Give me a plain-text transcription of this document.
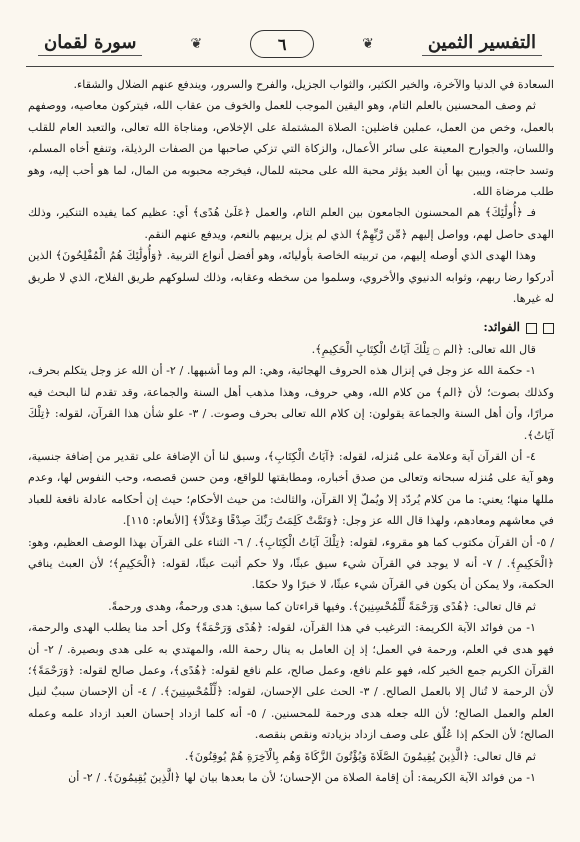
سورة لقمان	❦	٦	❦	التفسير الثمين

السعادة في الدنيا والآخرة، والخير الكثير، والثواب الجزيل، والفرح والسرور، ويندفع عنهم الضلال والشقاء.

ثم وصف المحسنين بالعلم التام، وهو اليقين الموجب للعمل والخوف من عقاب الله، فيتركون معاصيه، ووصفهم بالعمل، وخص من العمل، عملين فاضلين: الصلاة المشتملة على الإخلاص، ومناجاة الله تعالى، والتعبد العام للقلب واللسان، والجوارح المعينة على سائر الأعمال، والزكاة التي تزكي صاحبها من الصفات الرذيلة، وتنفع أخاه المسلم، وتسد حاجته، ويبين بها أن العبد يؤثر محبة الله على محبته للمال، فيخرجه محبوبه من المال، لما هو أحب إليه، وهو طلب مرضاة الله.

فـ ﴿أُولَٰئِكَ﴾ هم المحسنون الجامعون بين العلم التام، والعمل ﴿عَلَىٰ هُدًى﴾ أي: عظيم كما يفيده التنكير، وذلك الهدى حاصل لهم، وواصل إليهم ﴿مِّن رَّبِّهِمْ﴾ الذي لم يزل يربيهم بالنعم، ويدفع عنهم النقم.

وهذا الهدى الذي أوصله إليهم، من تربيته الخاصة بأوليائه، وهو أفضل أنواع التربية. ﴿وَأُولَٰئِكَ هُمُ الْمُفْلِحُونَ﴾ الذين أدركوا رضا ربهم، وثوابه الدنيوي والأخروي، وسلموا من سخطه وعقابه، وذلك لسلوكهم طريق الفلاح، الذي لا طريق له غيرها.

الفوائد:

قال الله تعالى: ﴿الم ۝ تِلْكَ آيَاتُ الْكِتَابِ الْحَكِيمِ﴾.

١- حكمة الله عز وجل في إنزال هذه الحروف الهجائية، وهي: الم وما أشبهها. / ٢- أن الله عز وجل يتكلم بحرف، وكذلك بصوت؛ لأن ﴿الم﴾ من كلام الله، وهي حروف، وهذا مذهب أهل السنة والجماعة، وقد تقدم لنا البحث فيه مرارًا، وأن أهل السنة والجماعة يقولون: إن كلام الله تعالى بحرف وصوت. / ٣- علو شأن هذا القرآن، لقوله: ﴿تِلْكَ آيَاتُ﴾.

٤- أن القرآن آية وعلامة على مُنزله، لقوله: ﴿آيَاتُ الْكِتَابِ﴾، وسبق لنا أن الإضافة على تقدير من إضافة جنسية، وهو آية على مُنزله سبحانه وتعالى من صدق أخباره، ومطابقتها للواقع، ومن حسن قصصه، وحب النفوس لها، وعدم مللها منها؛ يعني: ما من كلام يُردّد إلا ويُملّ إلا القرآن، والثالث: من حيث الأحكام؛ حيث إن أحكامه عادلة نافعة للعباد في معاشهم ومعادهم، ولهذا قال الله عز وجل: ﴿وَتَمَّتْ كَلِمَتُ رَبِّكَ صِدْقًا وَعَدْلًا﴾ [الأنعام: ١١٥].

/ ٥- أن القرآن مكتوب كما هو مقروء، لقوله: ﴿تِلْكَ آيَاتُ الْكِتَابِ﴾. / ٦- الثناء على القرآن بهذا الوصف العظيم، وهو: ﴿الْحَكِيمِ﴾. / ٧- أنه لا يوجد في القرآن شيء سيق عبثًا، ولا حكم أثبت عبثًا، لقوله: ﴿الْحَكِيمِ﴾؛ لأن العبث ينافي الحكمة، ولا يمكن أن يكون في القرآن شيء عبثًا، لا خبرًا ولا حكمًا.

ثم قال تعالى: ﴿هُدًى وَرَحْمَةً لِّلْمُحْسِنِينَ﴾. وفيها قراءتان كما سبق: هدى ورحمةٌ، وهدى ورحمةً.

١- من فوائد الآية الكريمة: الترغيب في هذا القرآن، لقوله: ﴿هُدًى وَرَحْمَةً﴾ وكل أحد منا يطلب الهدى والرحمة، فهو هدى في العلم، ورحمة في العمل؛ إذ إن العامل به ينال رحمة الله، والمهتدي به على هدى وبصيرة. / ٢- أن القرآن الكريم جمع الخير كله، فهو علم نافع، وعمل صالح، علم نافع لقوله: ﴿هُدًى﴾، وعمل صالح لقوله: ﴿وَرَحْمَةً﴾؛ لأن الرحمة لا تُنال إلا بالعمل الصالح. / ٣- الحث على الإحسان، لقوله: ﴿لِّلْمُحْسِنِينَ﴾. / ٤- أن الإحسان سببٌ لنيل العلم والعمل الصالح؛ لأن الله جعله هدى ورحمة للمحسنين. / ٥- أنه كلما ازداد إحسان العبد ازداد علمه وعمله الصالح؛ لأن الحكم إذا عُلّق على وصف ازداد بزيادته ونقص بنقصه.

ثم قال تعالى: ﴿الَّذِينَ يُقِيمُونَ الصَّلَاةَ وَيُؤْتُونَ الزَّكَاةَ وَهُم بِالْآخِرَةِ هُمْ يُوقِنُونَ﴾.

١- من فوائد الآية الكريمة: أن إقامة الصلاة من الإحسان؛ لأن ما بعدها بيان لها ﴿الَّذِينَ يُقِيمُونَ﴾. / ٢- أن
